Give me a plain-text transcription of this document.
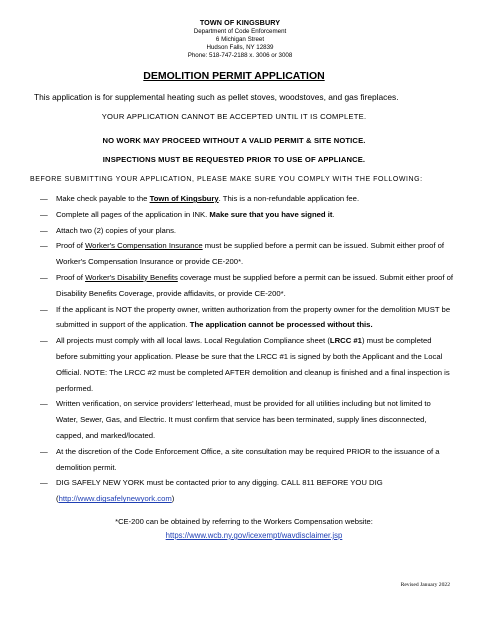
TOWN OF KINGSBURY
Department of Code Enforcement
6 Michigan Street
Hudson Falls, NY 12839
Phone: 518-747-2188 x. 3006 or 3008
DEMOLITION PERMIT APPLICATION
This application is for supplemental heating such as pellet stoves, woodstoves, and gas fireplaces.
YOUR APPLICATION CANNOT BE ACCEPTED UNTIL IT IS COMPLETE.
NO WORK MAY PROCEED WITHOUT A VALID PERMIT & SITE NOTICE.
INSPECTIONS MUST BE REQUESTED PRIOR TO USE OF APPLIANCE.
BEFORE SUBMITTING YOUR APPLICATION, PLEASE MAKE SURE YOU COMPLY WITH THE FOLLOWING:
— Make check payable to the Town of Kingsbury. This is a non-refundable application fee.
— Complete all pages of the application in INK. Make sure that you have signed it.
— Attach two (2) copies of your plans.
— Proof of Worker's Compensation Insurance must be supplied before a permit can be issued. Submit either proof of Worker's Compensation Insurance or provide CE-200*.
— Proof of Worker's Disability Benefits coverage must be supplied before a permit can be issued. Submit either proof of Disability Benefits Coverage, provide affidavits, or provide CE-200*.
— If the applicant is NOT the property owner, written authorization from the property owner for the demolition MUST be submitted in support of the application. The application cannot be processed without this.
— All projects must comply with all local laws. Local Regulation Compliance sheet (LRCC #1) must be completed before submitting your application. Please be sure that the LRCC #1 is signed by both the Applicant and the Local Official. NOTE: The LRCC #2 must be completed AFTER demolition and cleanup is finished and a final inspection is performed.
— Written verification, on service providers' letterhead, must be provided for all utilities including but not limited to Water, Sewer, Gas, and Electric. It must confirm that service has been terminated, supply lines disconnected, capped, and marked/located.
— At the discretion of the Code Enforcement Office, a site consultation may be required PRIOR to the issuance of a demolition permit.
— DIG SAFELY NEW YORK must be contacted prior to any digging. CALL 811 BEFORE YOU DIG (http://www.digsafelynewyork.com)
*CE-200 can be obtained by referring to the Workers Compensation website:
https://www.wcb.ny.gov/icexempt/wavdisclaimer.jsp
Revised January 2022
